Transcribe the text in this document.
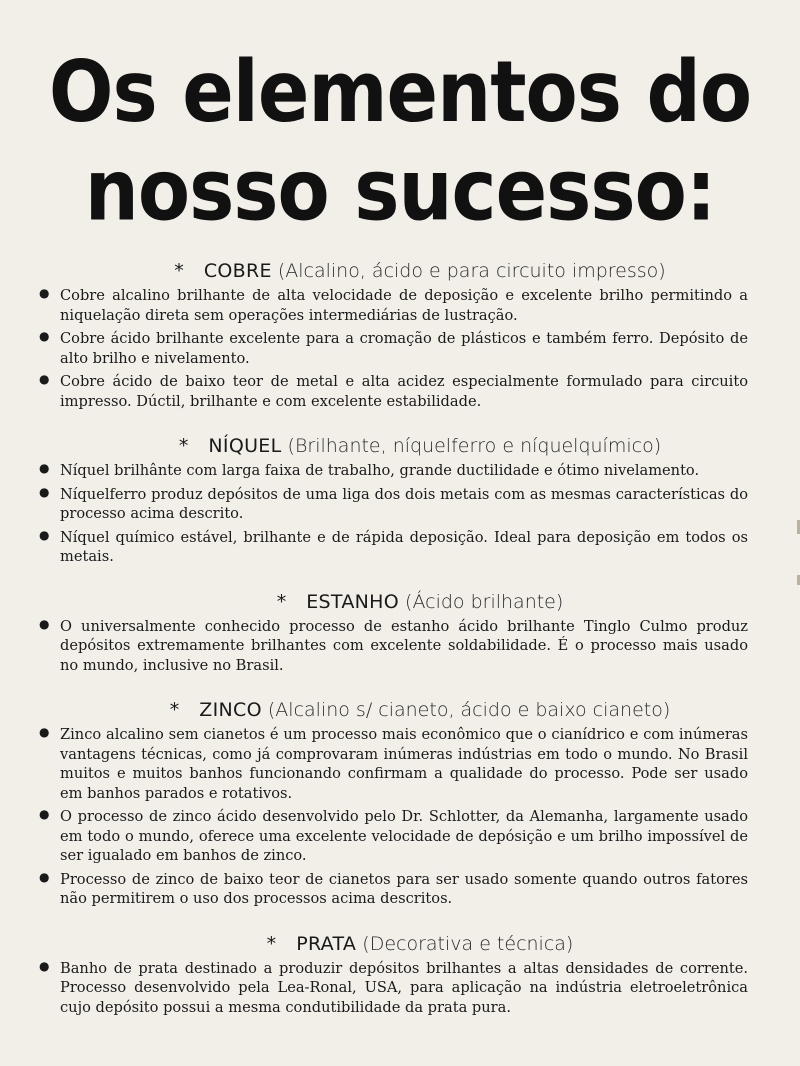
Os elementos do
nosso sucesso:
* COBRE (Alcalino, ácido e para circuito impresso)
● Cobre alcalino brilhante de alta velocidade de deposição e excelente brilho permitindo a niquelação direta sem operações intermediárias de lustração.
● Cobre ácido brilhante excelente para a cromação de plásticos e também ferro. Depósito de alto brilho e nivelamento.
● Cobre ácido de baixo teor de metal e alta acidez especialmente formulado para circuito impresso. Dúctil, brilhante e com excelente estabilidade.
* NÍQUEL (Brilhante, níquelferro e níquelquímico)
● Níquel brilhânte com larga faixa de trabalho, grande ductilidade e ótimo nivelamento.
● Níquelferro produz depósitos de uma liga dos dois metais com as mesmas características do processo acima descrito.
● Níquel químico estável, brilhante e de rápida deposição. Ideal para deposição em todos os metais.
* ESTANHO (Ácido brilhante)
● O universalmente conhecido processo de estanho ácido brilhante Tinglo Culmo produz depósitos extremamente brilhantes com excelente soldabilidade. É o processo mais usado no mundo, inclusive no Brasil.
* ZINCO (Alcalino s/ cianeto, ácido e baixo cianeto)
● Zinco alcalino sem cianetos é um processo mais econômico que o cianídrico e com inúmeras vantagens técnicas, como já comprovaram inúmeras indústrias em todo o mundo. No Brasil muitos e muitos banhos funcionando confirmam a qualidade do processo. Pode ser usado em banhos parados e rotativos.
● O processo de zinco ácido desenvolvido pelo Dr. Schlotter, da Alemanha, largamente usado em todo o mundo, oferece uma excelente velocidade de depósição e um brilho impossível de ser igualado em banhos de zinco.
● Processo de zinco de baixo teor de cianetos para ser usado somente quando outros fatores não permitirem o uso dos processos acima descritos.
* PRATA (Decorativa e técnica)
● Banho de prata destinado a produzir depósitos brilhantes a altas densidades de corrente. Processo desenvolvido pela Lea-Ronal, USA, para aplicação na indústria eletroeletrônica cujo depósito possui a mesma condutibilidade da prata pura.
